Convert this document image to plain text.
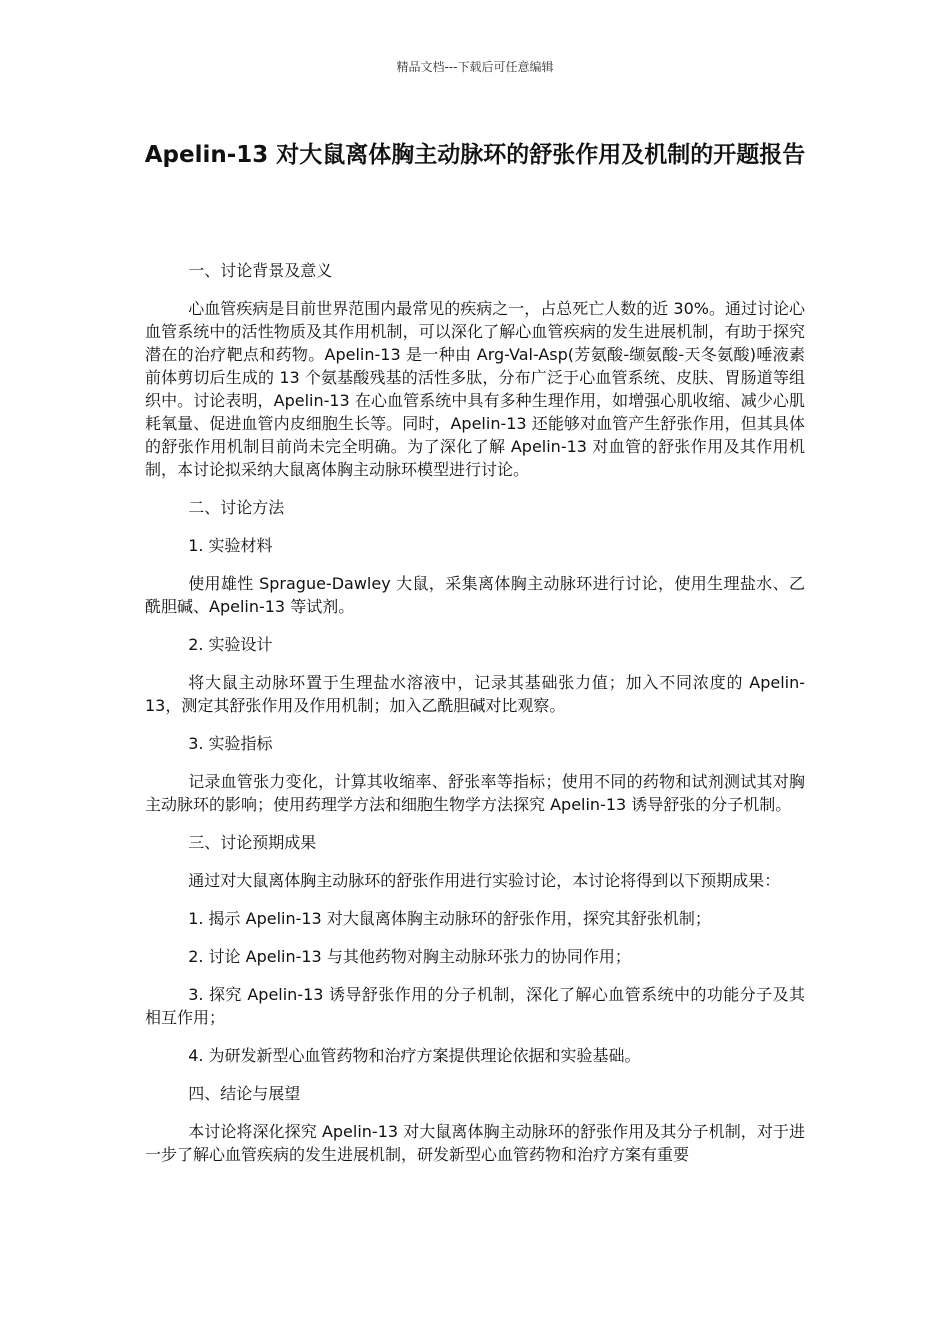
精品文档---下载后可任意编辑
Apelin-13 对大鼠离体胸主动脉环的舒张作用及机制的开题报告

一、讨论背景及意义

心血管疾病是目前世界范围内最常见的疾病之一，占总死亡人数的近 30%。通过讨论心血管系统中的活性物质及其作用机制，可以深化了解心血管疾病的发生进展机制，有助于探究潜在的治疗靶点和药物。Apelin-13 是一种由 Arg-Val-Asp(芳氨酸-缬氨酸-天冬氨酸)唾液素前体剪切后生成的 13 个氨基酸残基的活性多肽，分布广泛于心血管系统、皮肤、胃肠道等组织中。讨论表明，Apelin-13 在心血管系统中具有多种生理作用，如增强心肌收缩、减少心肌耗氧量、促进血管内皮细胞生长等。同时，Apelin-13 还能够对血管产生舒张作用，但其具体的舒张作用机制目前尚未完全明确。为了深化了解 Apelin-13 对血管的舒张作用及其作用机制，本讨论拟采纳大鼠离体胸主动脉环模型进行讨论。

二、讨论方法

1. 实验材料

使用雄性 Sprague-Dawley 大鼠，采集离体胸主动脉环进行讨论，使用生理盐水、乙酰胆碱、Apelin-13 等试剂。

2. 实验设计

将大鼠主动脉环置于生理盐水溶液中，记录其基础张力值；加入不同浓度的 Apelin-13，测定其舒张作用及作用机制；加入乙酰胆碱对比观察。

3. 实验指标

记录血管张力变化，计算其收缩率、舒张率等指标；使用不同的药物和试剂测试其对胸主动脉环的影响；使用药理学方法和细胞生物学方法探究 Apelin-13 诱导舒张的分子机制。

三、讨论预期成果

通过对大鼠离体胸主动脉环的舒张作用进行实验讨论，本讨论将得到以下预期成果：

1. 揭示 Apelin-13 对大鼠离体胸主动脉环的舒张作用，探究其舒张机制；

2. 讨论 Apelin-13 与其他药物对胸主动脉环张力的协同作用；

3. 探究 Apelin-13 诱导舒张作用的分子机制，深化了解心血管系统中的功能分子及其相互作用；

4. 为研发新型心血管药物和治疗方案提供理论依据和实验基础。

四、结论与展望

本讨论将深化探究 Apelin-13 对大鼠离体胸主动脉环的舒张作用及其分子机制，对于进一步了解心血管疾病的发生进展机制，研发新型心血管药物和治疗方案有重要
